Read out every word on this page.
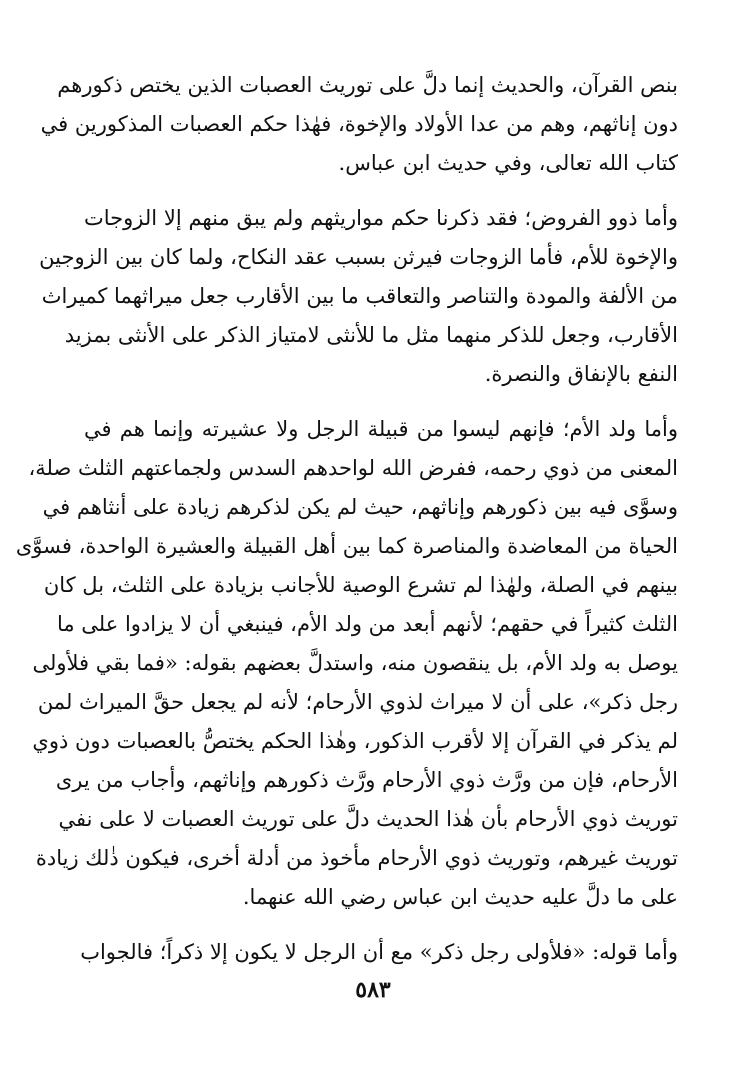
بنص القرآن، والحديث إنما دلَّ على توريث العصبات الذين يختص ذكورهم
دون إناثهم، وهم من عدا الأولاد والإخوة، فهٰذا حكم العصبات المذكورين في
كتاب الله تعالى، وفي حديث ابن عباس.
وأما ذوو الفروض؛ فقد ذكرنا حكم مواريثهم ولم يبق منهم إلا الزوجات
والإخوة للأم، فأما الزوجات فيرثن بسبب عقد النكاح، ولما كان بين الزوجين
من الألفة والمودة والتناصر والتعاقب ما بين الأقارب جعل ميراثهما كميراث
الأقارب، وجعل للذكر منهما مثل ما للأنثى لامتياز الذكر على الأنثى بمزيد
النفع بالإنفاق والنصرة.
وأما ولد الأم؛ فإنهم ليسوا من قبيلة الرجل ولا عشيرته وإنما هم في
المعنى من ذوي رحمه، ففرض الله لواحدهم السدس ولجماعتهم الثلث صلة،
وسوَّى فيه بين ذكورهم وإناثهم، حيث لم يكن لذكرهم زيادة على أنثاهم في
الحياة من المعاضدة والمناصرة كما بين أهل القبيلة والعشيرة الواحدة، فسوَّى
بينهم في الصلة، ولهٰذا لم تشرع الوصية للأجانب بزيادة على الثلث، بل كان
الثلث كثيراً في حقهم؛ لأنهم أبعد من ولد الأم، فينبغي أن لا يزادوا على ما
يوصل به ولد الأم، بل ينقصون منه، واستدلَّ بعضهم بقوله: «فما بقي فلأولى
رجل ذكر»، على أن لا ميراث لذوي الأرحام؛ لأنه لم يجعل حقَّ الميراث لمن
لم يذكر في القرآن إلا لأقرب الذكور، وهٰذا الحكم يختصُّ بالعصبات دون ذوي
الأرحام، فإن من ورَّث ذوي الأرحام ورَّث ذكورهم وإناثهم، وأجاب من يرى
توريث ذوي الأرحام بأن هٰذا الحديث دلَّ على توريث العصبات لا على نفي
توريث غيرهم، وتوريث ذوي الأرحام مأخوذ من أدلة أخرى، فيكون ذٰلك زيادة
على ما دلَّ عليه حديث ابن عباس رضي الله عنهما.
وأما قوله: «فلأولى رجل ذكر» مع أن الرجل لا يكون إلا ذكراً؛ فالجواب
٥٨٣
